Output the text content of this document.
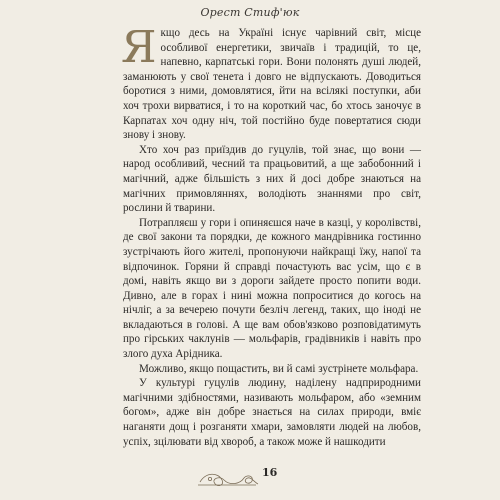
Орест Стиф'юк

Якщо десь на Україні існує чарівний світ, місце особливої енергетики, звичаїв і традицій, то це, напевно, карпатські гори. Вони полонять душі людей, заманюють у свої тенета і довго не відпускають. Доводиться боротися з ними, домовлятися, йти на всілякі поступки, аби хоч трохи вирватися, і то на короткий час, бо хтось заночує в Карпатах хоч одну ніч, той постійно буде повертатися сюди знову і знову.

Хто хоч раз приїздив до гуцулів, той знає, що вони — народ особливий, чесний та працьовитий, а ще забобонний і магічний, адже більшість з них й досі добре знаються на магічних примовляннях, володіють знаннями про світ, рослини й тварини.

Потрапляєш у гори і опиняєшся наче в казці, у королівстві, де свої закони та порядки, де кожного мандрівника гостинно зустрічають його жителі, пропонуючи найкращі їжу, напої та відпочинок. Горяни й справді почастують вас усім, що є в домі, навіть якщо ви з дороги зайдете просто попити води. Дивно, але в горах і нині можна попроситися до когось на нічліг, а за вечерею почути безліч легенд, таких, що іноді не вкладаються в голові. А ще вам обов'язково розповідатимуть про гірських чаклунів — мольфарів, градівників і навіть про злого духа Арідника.

Можливо, якщо пощастить, ви й самі зустрінете мольфара.

У культурі гуцулів людину, наділену надприродними магічними здібностями, називають мольфаром, або «земним богом», адже він добре знається на силах природи, вміє наганяти дощ і розганяти хмари, замовляти людей на любов, успіх, зцілювати від хвороб, а також може й нашкодити

16
